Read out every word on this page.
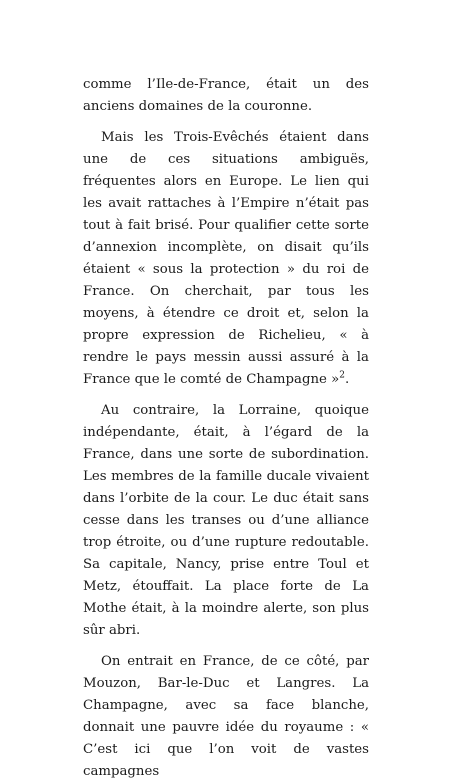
comme l’Ile-de-France, était un des anciens domaines de la couronne.

Mais les Trois-Evêchés étaient dans une de ces situations ambiguës, fréquentes alors en Europe. Le lien qui les avait rattaches à l’Empire n’était pas tout à fait brisé. Pour qualifier cette sorte d’annexion incomplète, on disait qu’ils étaient « sous la protection » du roi de France. On cherchait, par tous les moyens, à étendre ce droit et, selon la propre expression de Richelieu, « à rendre le pays messin aussi assuré à la France que le comté de Champagne »$^2$.

Au contraire, la Lorraine, quoique indépendante, était, à l’égard de la France, dans une sorte de subordination. Les membres de la famille ducale vivaient dans l’orbite de la cour. Le duc était sans cesse dans les transes ou d’une alliance trop étroite, ou d’une rupture redoutable. Sa capitale, Nancy, prise entre Toul et Metz, étouffait. La place forte de La Mothe était, à la moindre alerte, son plus sûr abri.

On entrait en France, de ce côté, par Mouzon, Bar-le-Duc et Langres. La Champagne, avec sa face blanche, donnait une pauvre idée du royaume : « C’est ici que l’on voit de vastes campagnes
